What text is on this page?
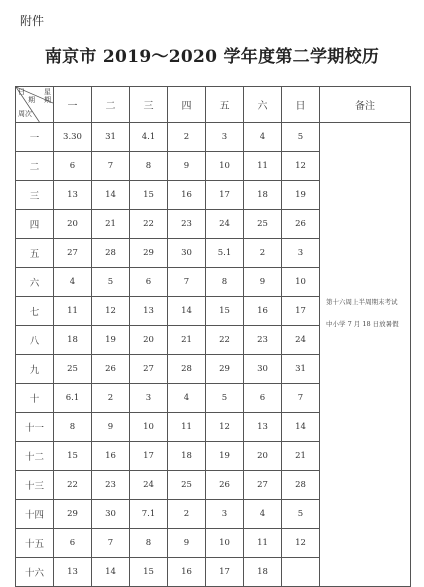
附件
南京市 2019～2020 学年度第二学期校历
日 星
期 期
周次	一	二	三	四	五	六	日	备注
一	3.30	31	4.1	2	3	4	5	第十六周上半周期末考试

中小学 7 月 18 日放暑假

二	6	7	8	9	10	11	12	
三	13	14	15	16	17	18	19	
四	20	21	22	23	24	25	26	
五	27	28	29	30	5.1	2	3	
六	4	5	6	7	8	9	10	
七	11	12	13	14	15	16	17	
八	18	19	20	21	22	23	24	
九	25	26	27	28	29	30	31	
十	6.1	2	3	4	5	6	7	
十一	8	9	10	11	12	13	14	
十二	15	16	17	18	19	20	21	
十三	22	23	24	25	26	27	28	
十四	29	30	7.1	2	3	4	5	
十五	6	7	8	9	10	11	12	
十六	13	14	15	16	17	18		
